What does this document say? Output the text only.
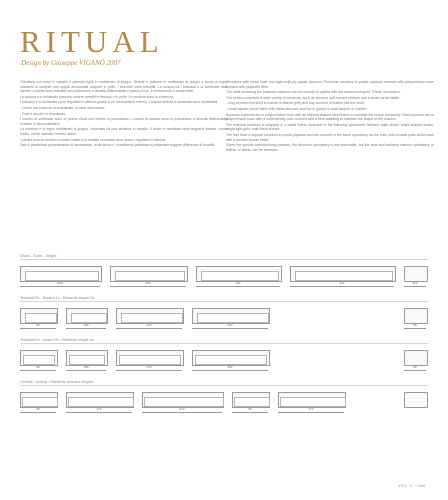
RITUAL
Design by Giuseppe VIGANÒ 2007

*Struttura con base in metallo e pannelli rigidi in multistrato di pioppo. Sedute e poltrone in multistrato di pioppo e bordo in legno massello di toulipier con spigoli arrotondati ricoperti in pelle. I braccioli sono imbottiti. La scocca ha i braccioli e lo schienale fissi, mentre i cuscini sono imbottiti con poliuretano a densità differenziata e piuma d'oca. Il rivestimento è sfoderabile.

La scocca e lo schienale possono essere rivestiti in tessuto o in pelle. Le cuciture sono in evidenza.

I braccioli e lo schienale sono regolabili in altezza grazie a un meccanismo interno. I cuscini seduta e schienale sono sfoderabili.

- Divani con poltrone in coordinato, in varie dimensioni;

- Pouf e tavolini in coordinato.

I cuscini di schienale sono in piuma d'oca con inserto in poliuretano, i cuscini di seduta sono in poliuretano a densità differenziata rivestito in fibra poliestere.

La struttura è in legno multistrato di pioppo, rinforzata da una struttura in metallo. Il telaio è verniciato nelle seguenti finiture: cromo lucido, nichel satinato, bronzo antico.

I piedini sono in metallo cromato lucido o in metallo verniciato nero opaco, regolabili in altezza.

Dato il particolare procedimento di lavorazione, la struttura e i rivestimenti potrebbero presentare leggere differenze di tonalità.

*Structure with metal base and rigid multi-ply poplar plywood. Perimeter structure in poplar plywood covered with polyurethane foam bonded with polyester fibre.

The shell enclosing the backrest cushions can be smooth or quilted with the diamond-shaped "Ritual" decoration.

The series comprises a wide variety of elements, such as armrest, self-service shelves and a small corner table:

- long armrest end shelf in marble or Barolo grey and bay covered in leather like the shell;

- small square corner table with metal structure and top in glossy or matt lacquer or marble.

Backrest cushions are in polyurethane foam with an internal shaped steel frame to maintain the shape constantly. Seat cushions are in polyurethane foam with a multi-density core covered with a fibre wadding to maintain the shape of the cushion.

The external structure is wrapped in a metal frame, available in the following galvanized finishes: satin nickel, bright shaded brown, bright light gold, matt black bronze.

The feet have a support structure in poplar plywood and are covered in the same upholstery as the sofa, with a metal plate at the base with a painted bronze finish.

Given the special manufacturing process, the structure upholstery is not removable, but the seat and backrest cushion upholstery, in leather or fabric, can be removed.

Divani - Sofas - Sièges
240	230	262	322	322
Terminali Sx - Sinistro Lx - Elements simple Sx
96	105	173	202	96
Terminali Dx - Destro Rx - Elements simple Dx
96	105	173	202	96
Centrali - Central - Elements centraux simples
95	173	212	95	173
VOL 3 · 080
